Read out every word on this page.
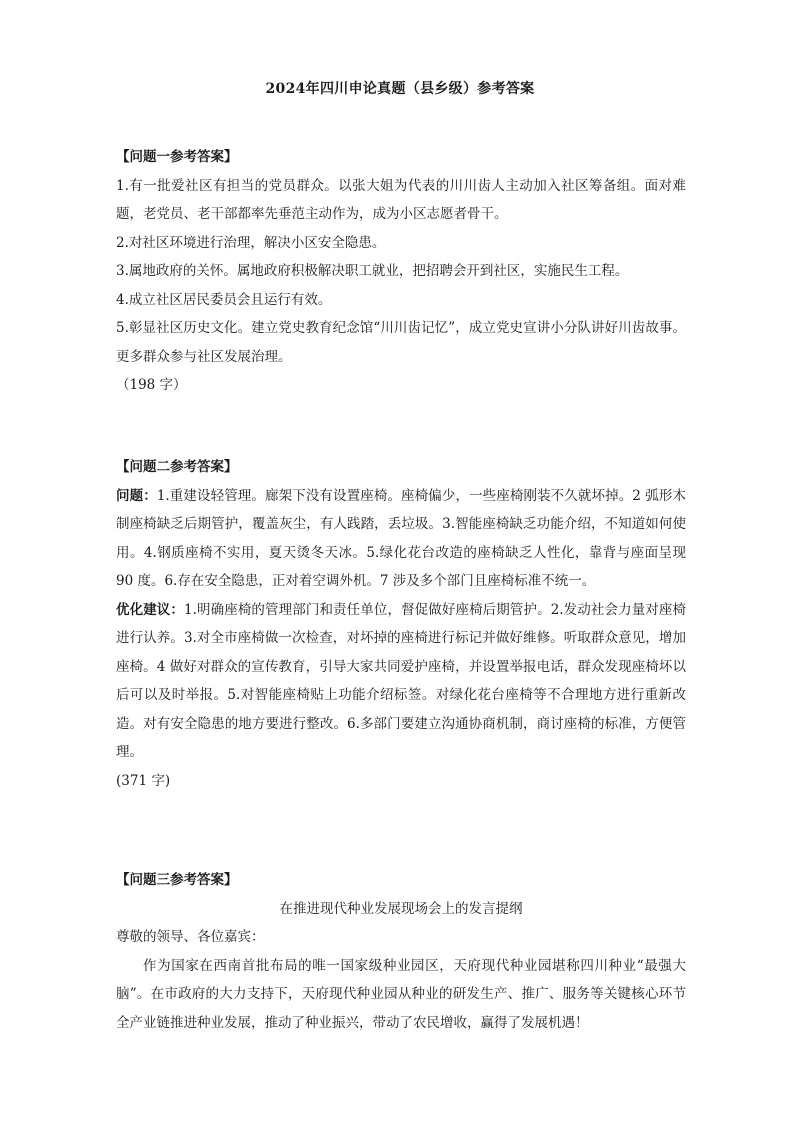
2024年四川申论真题（县乡级）参考答案
【问题一参考答案】
1.有一批爱社区有担当的党员群众。以张大姐为代表的川川齿人主动加入社区筹备组。面对难题，老党员、老干部都率先垂范主动作为，成为小区志愿者骨干。
2.对社区环境进行治理，解决小区安全隐患。
3.属地政府的关怀。属地政府积极解决职工就业，把招聘会开到社区，实施民生工程。
4.成立社区居民委员会且运行有效。
5.彰显社区历史文化。建立党史教育纪念馆“川川齿记忆”，成立党史宣讲小分队讲好川齿故事。更多群众参与社区发展治理。
（198 字）
【问题二参考答案】
问题：1.重建设轻管理。廊架下没有设置座椅。座椅偏少，一些座椅刚装不久就坏掉。2 弧形木制座椅缺乏后期管护，覆盖灰尘，有人践踏，丢垃圾。3.智能座椅缺乏功能介绍，不知道如何使用。4.钢质座椅不实用，夏天烫冬天冰。5.绿化花台改造的座椅缺乏人性化，靠背与座面呈现 90 度。6.存在安全隐患，正对着空调外机。7 涉及多个部门且座椅标准不统一。
优化建议：1.明确座椅的管理部门和责任单位，督促做好座椅后期管护。2.发动社会力量对座椅进行认养。3.对全市座椅做一次检查，对坏掉的座椅进行标记并做好维修。听取群众意见，增加座椅。4 做好对群众的宣传教育，引导大家共同爱护座椅，并设置举报电话，群众发现座椅坏以后可以及时举报。5.对智能座椅贴上功能介绍标签。对绿化花台座椅等不合理地方进行重新改造。对有安全隐患的地方要进行整改。6.多部门要建立沟通协商机制，商讨座椅的标准，方便管理。
(371 字)
【问题三参考答案】
在推进现代种业发展现场会上的发言提纲
尊敬的领导、各位嘉宾：
作为国家在西南首批布局的唯一国家级种业园区，天府现代种业园堪称四川种业“最强大脑”。在市政府的大力支持下，天府现代种业园从种业的研发生产、推广、服务等关键核心环节全产业链推进种业发展，推动了种业振兴，带动了农民增收，赢得了发展机遇！
